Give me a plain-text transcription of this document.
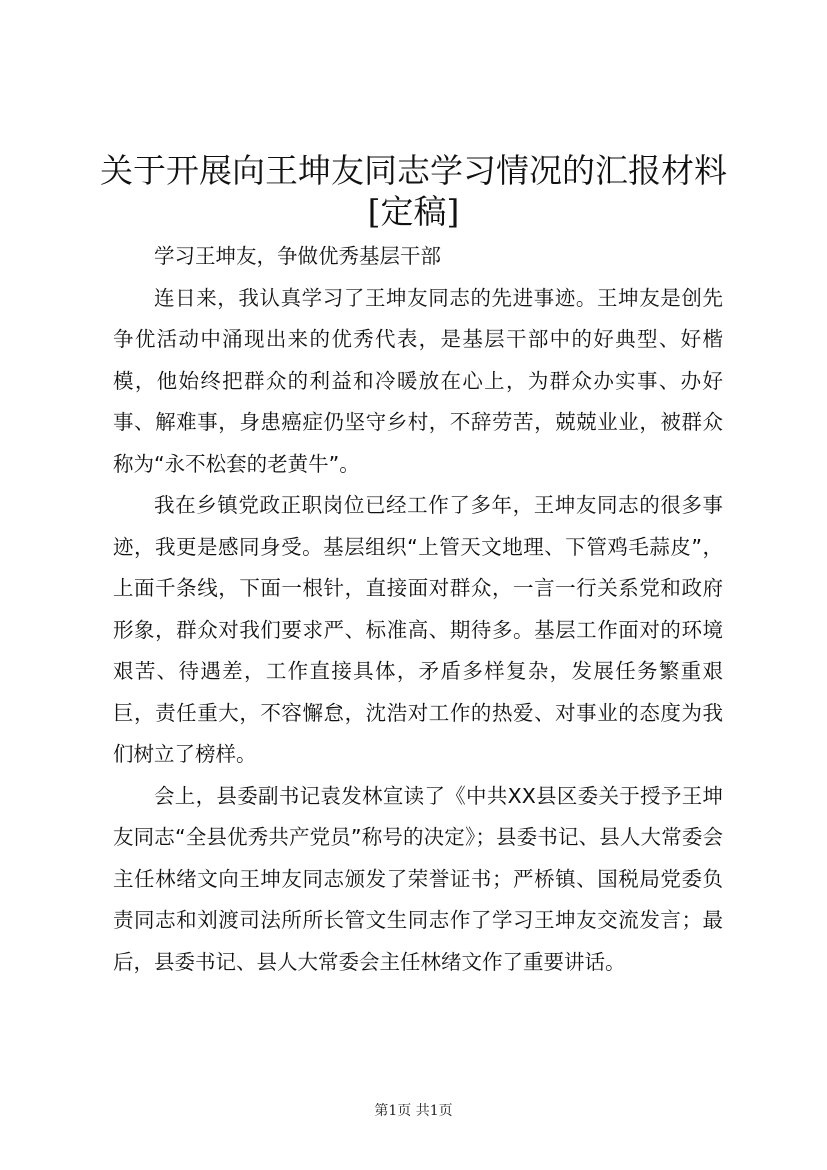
关于开展向王坤友同志学习情况的汇报材料
[定稿]

学习王坤友，争做优秀基层干部

连日来，我认真学习了王坤友同志的先进事迹。王坤友是创先争优活动中涌现出来的优秀代表，是基层干部中的好典型、好楷模，他始终把群众的利益和冷暖放在心上，为群众办实事、办好事、解难事，身患癌症仍坚守乡村，不辞劳苦，兢兢业业，被群众称为“永不松套的老黄牛”。

我在乡镇党政正职岗位已经工作了多年，王坤友同志的很多事迹，我更是感同身受。基层组织“上管天文地理、下管鸡毛蒜皮”，上面千条线，下面一根针，直接面对群众，一言一行关系党和政府形象，群众对我们要求严、标准高、期待多。基层工作面对的环境艰苦、待遇差，工作直接具体，矛盾多样复杂，发展任务繁重艰巨，责任重大，不容懈怠，沈浩对工作的热爱、对事业的态度为我们树立了榜样。

会上，县委副书记袁发林宣读了《中共XX县区委关于授予王坤友同志“全县优秀共产党员”称号的决定》；县委书记、县人大常委会主任林绪文向王坤友同志颁发了荣誉证书；严桥镇、国税局党委负责同志和刘渡司法所所长管文生同志作了学习王坤友交流发言；最后，县委书记、县人大常委会主任林绪文作了重要讲话。

第1页 共1页
